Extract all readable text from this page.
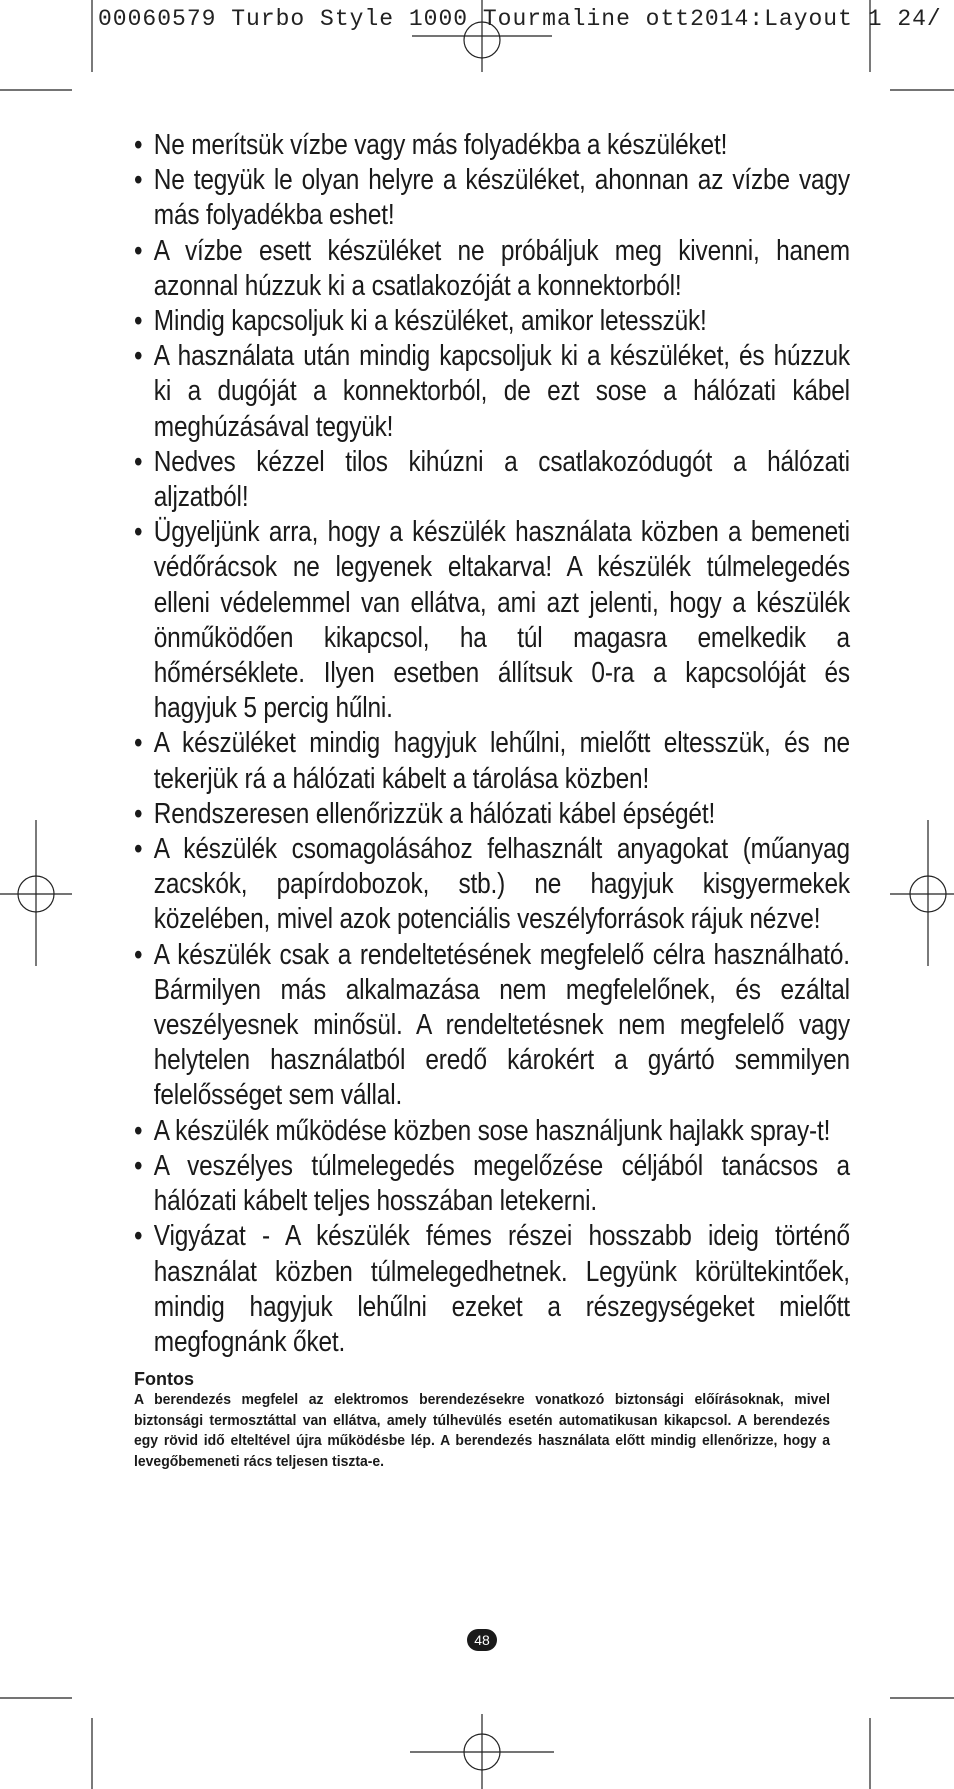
00060579 Turbo Style 1000 Tourmaline ott2014:Layout 1 24/
• Ne merítsük vízbe vagy más folyadékba a készüléket!
• Ne tegyük le olyan helyre a készüléket, ahonnan az vízbe vagy más folyadékba eshet!
• A vízbe esett készüléket ne próbáljuk meg kivenni, hanem azonnal húzzuk ki a csatlakozóját a konnektorból!
• Mindig kapcsoljuk ki a készüléket, amikor letesszük!
• A használata után mindig kapcsoljuk ki a készüléket, és húzzuk ki a dugóját a konnektorból, de ezt sose a hálózati kábel meghúzásával tegyük!
• Nedves kézzel tilos kihúzni a csatlakozódugót a hálózati aljzatból!
• Ügyeljünk arra, hogy a készülék használata közben a bemeneti védőrácsok ne legyenek eltakarva! A készülék túlmelegedés elleni védelemmel van ellátva, ami azt jelenti, hogy a készülék önműködően kikapcsol, ha túl magasra emelkedik a hőmérséklete. Ilyen esetben állítsuk 0-ra a kapcsolóját és hagyjuk 5 percig hűlni.
• A készüléket mindig hagyjuk lehűlni, mielőtt eltesszük, és ne tekerjük rá a hálózati kábelt a tárolása közben!
• Rendszeresen ellenőrizzük a hálózati kábel épségét!
• A készülék csomagolásához felhasznált anyagokat (műanyag zacskók, papírdobozok, stb.) ne hagyjuk kisgyermekek közelében, mivel azok potenciális veszélyforrások rájuk nézve!
• A készülék csak a rendeltetésének megfelelő célra használható. Bármilyen más alkalmazása nem megfelelőnek, és ezáltal veszélyesnek minősül. A rendeltetésnek nem megfelelő vagy helytelen használatból eredő károkért a gyártó semmilyen felelősséget sem vállal.
• A készülék működése közben sose használjunk hajlakk spray-t!
• A veszélyes túlmelegedés megelőzése céljából tanácsos a hálózati kábelt teljes hosszában letekerni.
• Vigyázat - A készülék fémes részei hosszabb ideig történő használat közben túlmelegedhetnek. Legyünk körültekintőek, mindig hagyjuk lehűlni ezeket a részegységeket mielőtt megfognánk őket.
Fontos
A berendezés megfelel az elektromos berendezésekre vonatkozó biztonsági előírásoknak, mivel biztonsági termosztáttal van ellátva, amely túlhevülés esetén automatikusan kikapcsol. A berendezés egy rövid idő elteltével újra működésbe lép. A berendezés használata előtt mindig ellenőrizze, hogy a levegőbemeneti rács teljesen tiszta-e.
48
